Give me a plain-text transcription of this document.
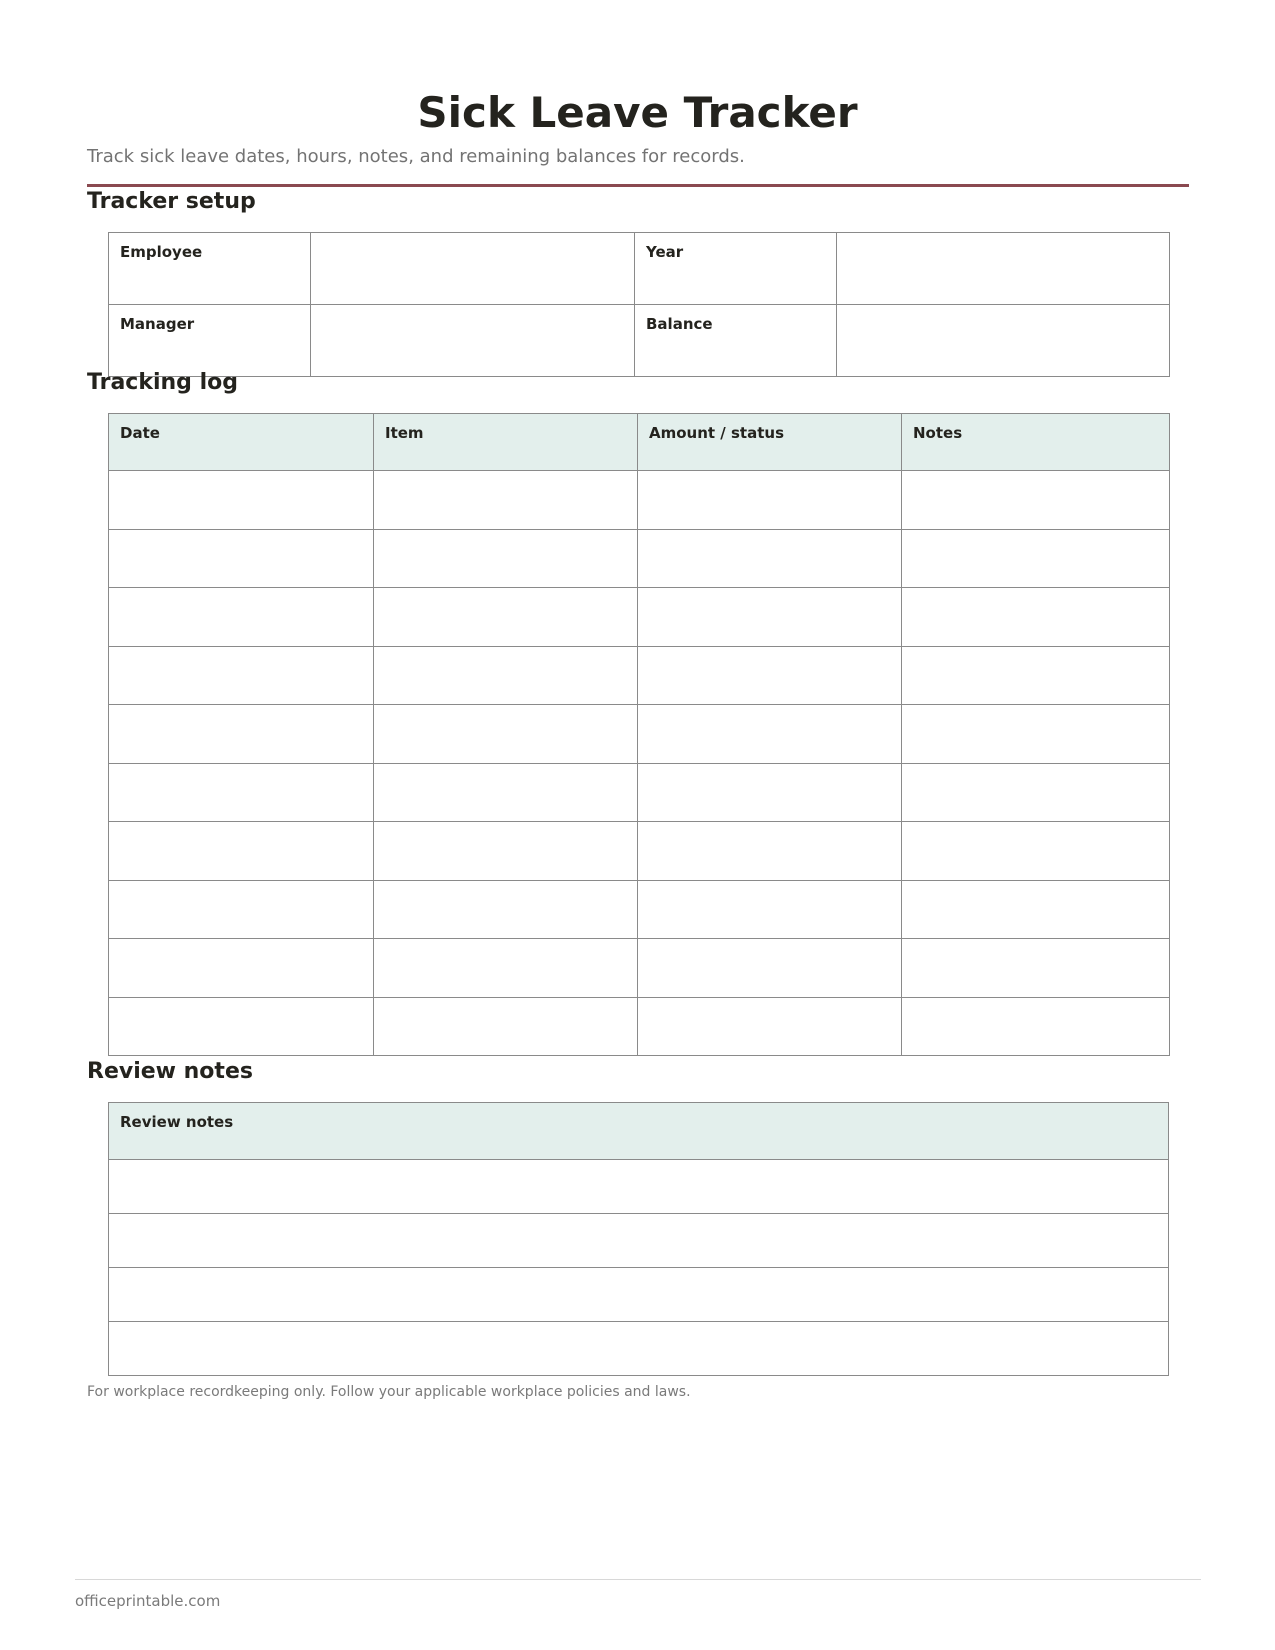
Sick Leave Tracker

Track sick leave dates, hours, notes, and remaining balances for records.

Tracker setup
Employee		Year	
Manager		Balance	
Tracking log
Date	Item	Amount / status	Notes

Review notes
Review notes

For workplace recordkeeping only. Follow your applicable workplace policies and laws.

officeprintable.com
